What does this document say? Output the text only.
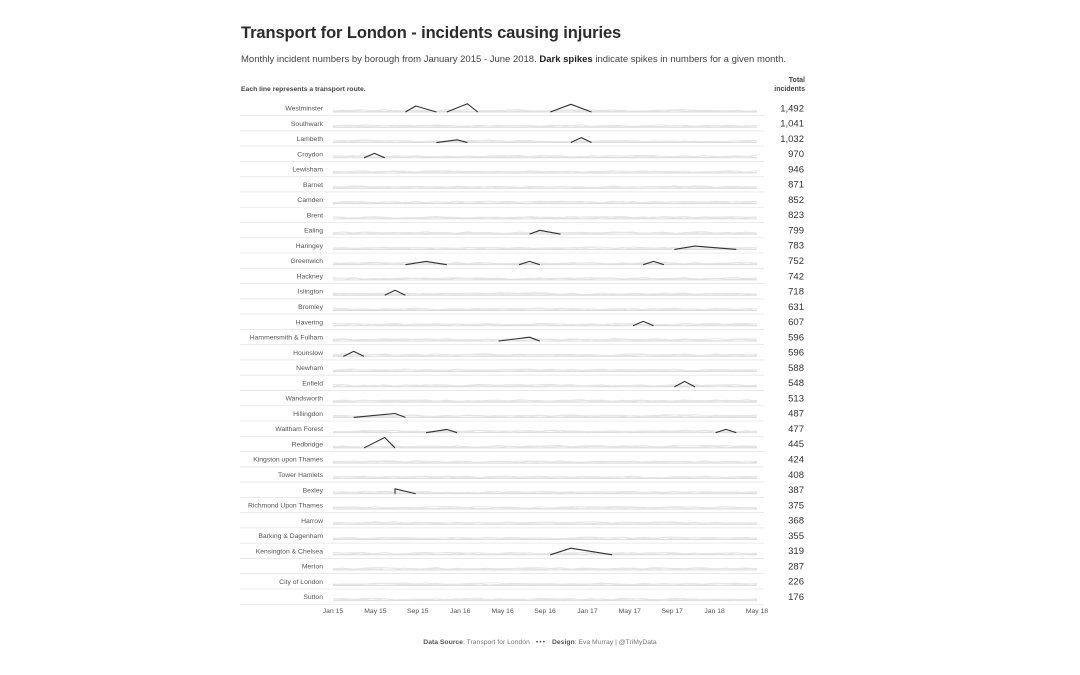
Transport for London - incidents causing injuries
Monthly incident numbers by borough from January 2015 - June 2018. Dark spikes indicate spikes in numbers for a given month.
Each line represents a transport route.
Total
incidents
Westminster	1,492
Southwark	1,041
Lambeth	1,032
Croydon	970
Lewisham	946
Barnet	871
Camden	852
Brent	823
Ealing	799
Haringey	783
Greenwich	752
Hackney	742
Islington	718
Bromley	631
Havering	607
Hammersmith & Fulham	596
Hounslow	596
Newham	588
Enfield	548
Wandsworth	513
Hillingdon	487
Waltham Forest	477
Redbridge	445
Kingston upon Thames	424
Tower Hamlets	408
Bexley	387
Richmond Upon Thames	375
Harrow	368
Barking & Dagenham	355
Kensington & Chelsea	319
Merton	287
City of London	226
Sutton	176
Jan 15	May 15	Sep 15	Jan 16	May 16	Sep 16	Jan 17	May 17	Sep 17	Jan 18	May 18
Data Source: Transport for London ••• Design: Eva Murray | @TriMyData
